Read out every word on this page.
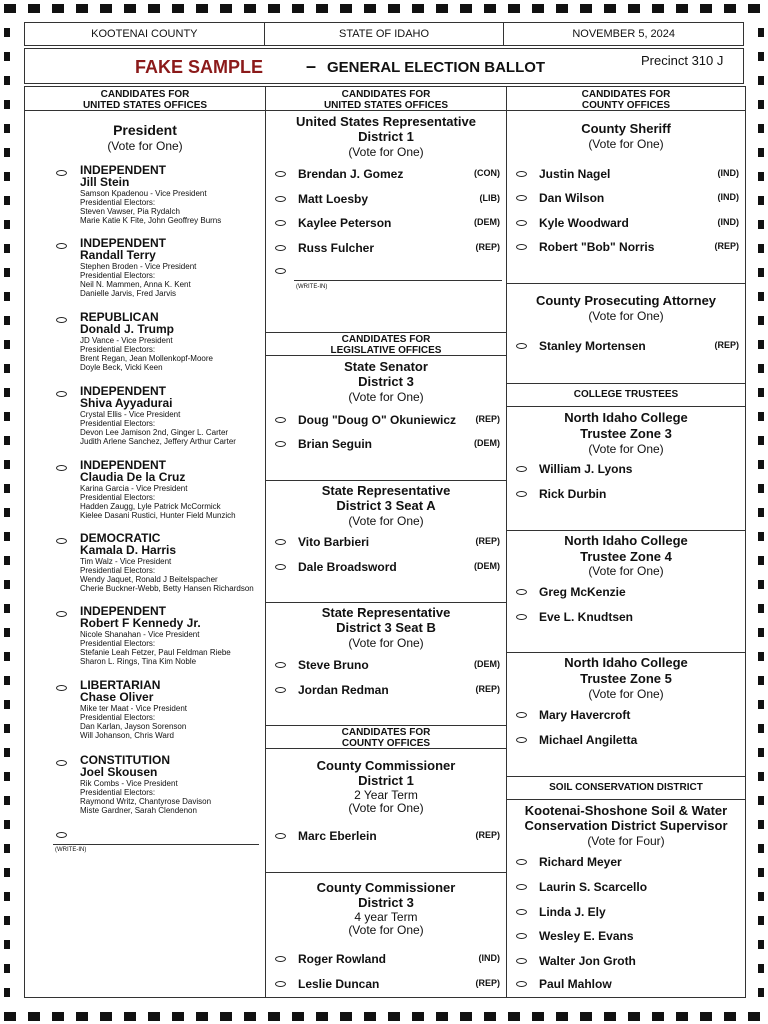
KOOTENAI COUNTY	STATE OF IDAHO	NOVEMBER 5, 2024
FAKE SAMPLE – GENERAL ELECTION BALLOT	Precinct 310 J
CANDIDATES FOR
UNITED STATES OFFICES
President
(Vote for One)
INDEPENDENT
Jill Stein
Samson Kpadenou - Vice President
Presidential Electors:
Steven Vawser, Pia Rydalch
Marie Katie K Fite, John Geoffrey Burns
INDEPENDENT
Randall Terry
Stephen Broden - Vice President
Presidential Electors:
Neil N. Mammen, Anna K. Kent
Danielle Jarvis, Fred Jarvis
REPUBLICAN
Donald J. Trump
JD Vance - Vice President
Presidential Electors:
Brent Regan, Jean Mollenkopf-Moore
Doyle Beck, Vicki Keen
INDEPENDENT
Shiva Ayyadurai
Crystal Ellis - Vice President
Presidential Electors:
Devon Lee Jamison 2nd, Ginger L. Carter
Judith Arlene Sanchez, Jeffery Arthur Carter
INDEPENDENT
Claudia De la Cruz
Karina Garcia - Vice President
Presidential Electors:
Hadden Zaugg, Lyle Patrick McCormick
Kielee Dasani Rustici, Hunter Field Munzich
DEMOCRATIC
Kamala D. Harris
Tim Walz - Vice President
Presidential Electors:
Wendy Jaquet, Ronald J Beitelspacher
Cherie Buckner-Webb, Betty Hansen Richardson
INDEPENDENT
Robert F Kennedy Jr.
Nicole Shanahan - Vice President
Presidential Electors:
Stefanie Leah Fetzer, Paul Feldman Riebe
Sharon L. Rings, Tina Kim Noble
LIBERTARIAN
Chase Oliver
Mike ter Maat - Vice President
Presidential Electors:
Dan Karlan, Jayson Sorenson
Will Johanson, Chris Ward
CONSTITUTION
Joel Skousen
Rik Combs - Vice President
Presidential Electors:
Raymond Writz, Chantyrose Davison
Miste Gardner, Sarah Clendenon
(WRITE-IN)
CANDIDATES FOR
UNITED STATES OFFICES
United States Representative
District 1
(Vote for One)
Brendan J. Gomez	(CON)
Matt Loesby	(LIB)
Kaylee Peterson	(DEM)
Russ Fulcher	(REP)
(WRITE-IN)
CANDIDATES FOR
LEGISLATIVE OFFICES
State Senator
District 3
(Vote for One)
Doug "Doug O" Okuniewicz (REP)
Brian Seguin	(DEM)
State Representative
District 3 Seat A
(Vote for One)
Vito Barbieri	(REP)
Dale Broadsword	(DEM)
State Representative
District 3 Seat B
(Vote for One)
Steve Bruno	(DEM)
Jordan Redman	(REP)
CANDIDATES FOR
COUNTY OFFICES
County Commissioner
District 1
2 Year Term
(Vote for One)
Marc Eberlein	(REP)
County Commissioner
District 3
4 year Term
(Vote for One)
Roger Rowland	(IND)
Leslie Duncan	(REP)
CANDIDATES FOR
COUNTY OFFICES
County Sheriff
(Vote for One)
Justin Nagel	(IND)
Dan Wilson	(IND)
Kyle Woodward	(IND)
Robert "Bob" Norris	(REP)
County Prosecuting Attorney
(Vote for One)
Stanley Mortensen	(REP)
COLLEGE TRUSTEES
North Idaho College
Trustee Zone 3
(Vote for One)
William J. Lyons
Rick Durbin
North Idaho College
Trustee Zone 4
(Vote for One)
Greg McKenzie
Eve L. Knudtsen
North Idaho College
Trustee Zone 5
(Vote for One)
Mary Havercroft
Michael Angiletta
SOIL CONSERVATION DISTRICT
Kootenai-Shoshone Soil & Water
Conservation District Supervisor
(Vote for Four)
Richard Meyer
Laurin S. Scarcello
Linda J. Ely
Wesley E. Evans
Walter Jon Groth
Paul Mahlow
